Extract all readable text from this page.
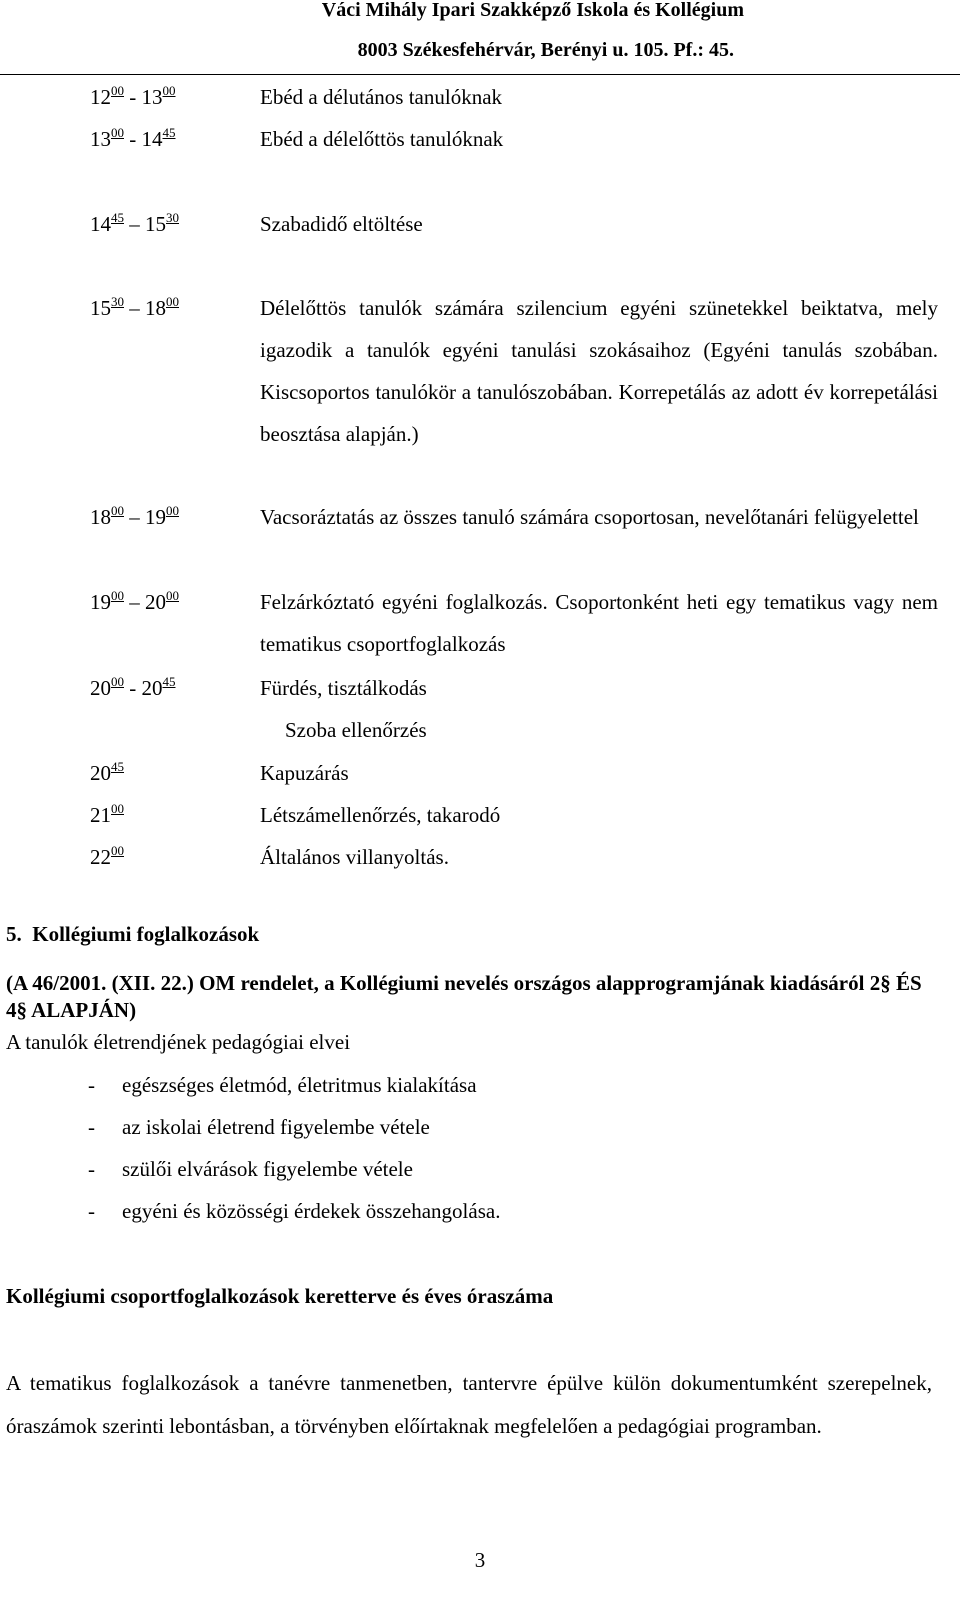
Váci Mihály Ipari Szakképző Iskola és Kollégium
8003 Székesfehérvár, Berényi u. 105. Pf.: 45.
$12^{00} - 13^{00}$	Ebéd a délutános tanulóknak
$13^{00} - 14^{45}$	Ebéd a délelőttös tanulóknak
$14^{45} - 15^{30}$	Szabadidő eltöltése
$15^{30} - 18^{00}$	Délelőttös tanulók számára szilencium egyéni szünetekkel beiktatva, mely igazodik a tanulók egyéni tanulási szokásaihoz (Egyéni tanulás szobában. Kiscsoportos tanulókör a tanulószobában. Korrepetálás az adott év korrepetálási beosztása alapján.)
$18^{00} - 19^{00}$	Vacsoráztatás az összes tanuló számára csoportosan, nevelőtanári felügyelettel
$19^{00} - 20^{00}$	Felzárkóztató egyéni foglalkozás. Csoportonként heti egy tematikus vagy nem tematikus csoportfoglalkozás
$20^{00} - 20^{45}$	Fürdés, tisztálkodás
Szoba ellenőrzés
$20^{45}$	Kapuzárás
$21^{00}$	Létszámellenőrzés, takarodó
$22^{00}$	Általános villanyoltás.
5.  Kollégiumi foglalkozások
(A 46/2001. (XII. 22.) OM rendelet, a Kollégiumi nevelés országos alapprogramjának kiadásáról 2§ ÉS 4§ ALAPJÁN)
A tanulók életrendjének pedagógiai elvei
- egészséges életmód, életritmus kialakítása
- az iskolai életrend figyelembe vétele
- szülői elvárások figyelembe vétele
- egyéni és közösségi érdekek összehangolása.
Kollégiumi csoportfoglalkozások keretterve és éves óraszáma
A tematikus foglalkozások a tanévre tanmenetben, tantervre épülve külön dokumentumként szerepelnek, óraszámok szerinti lebontásban, a törvényben előírtaknak megfelelően a pedagógiai programban.
3
